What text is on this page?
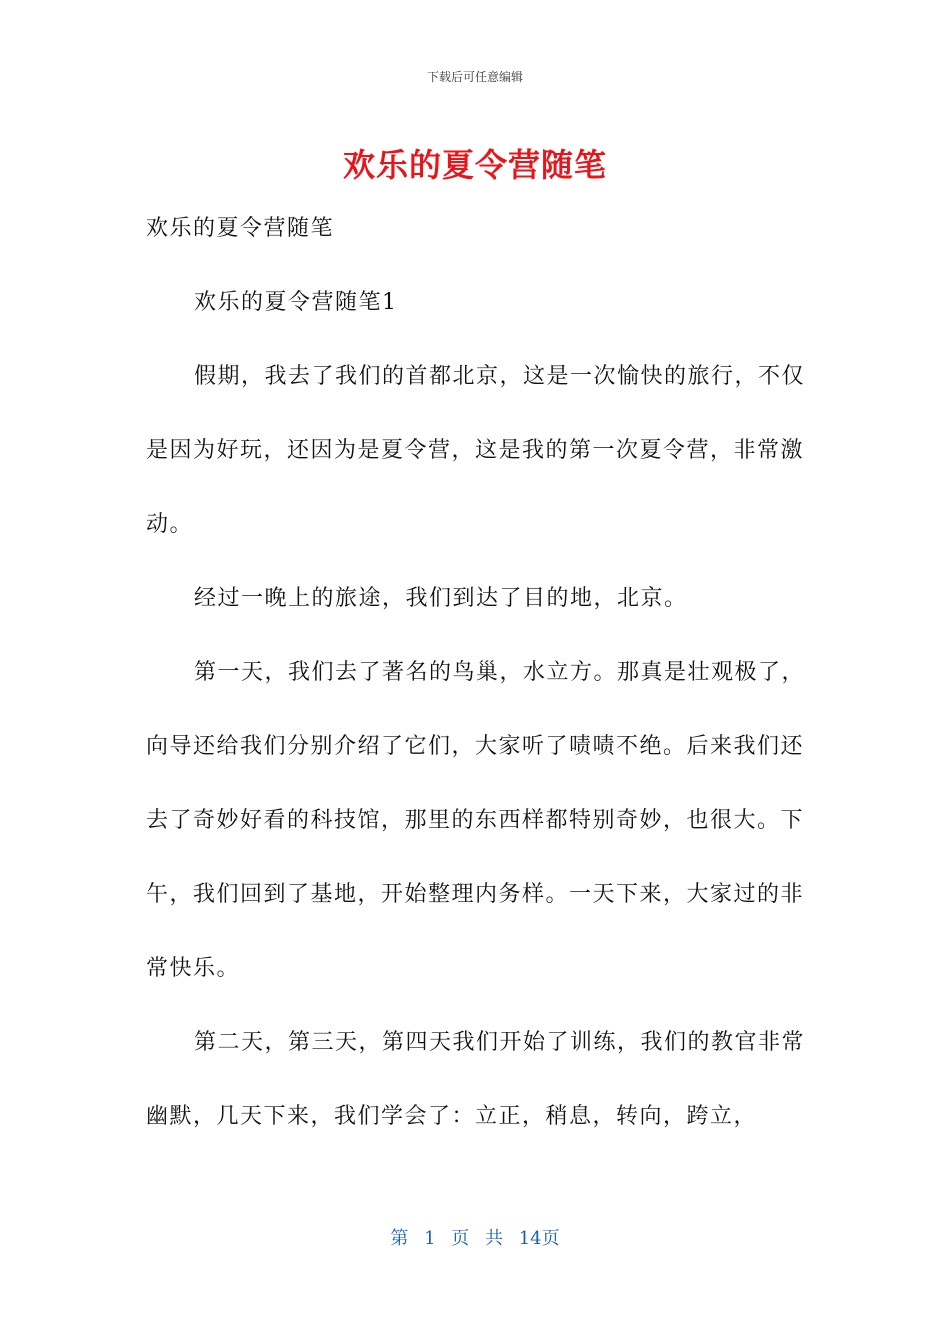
下载后可任意编辑
欢乐的夏令营随笔

欢乐的夏令营随笔

欢乐的夏令营随笔1

假期，我去了我们的首都北京，这是一次愉快的旅行，不仅是因为好玩，还因为是夏令营，这是我的第一次夏令营，非常激动。

经过一晚上的旅途，我们到达了目的地，北京。

第一天，我们去了著名的鸟巢，水立方。那真是壮观极了，向导还给我们分别介绍了它们，大家听了啧啧不绝。后来我们还去了奇妙好看的科技馆，那里的东西样都特别奇妙，也很大。下午，我们回到了基地，开始整理内务样。一天下来，大家过的非常快乐。

第二天，第三天，第四天我们开始了训练，我们的教官非常幽默，几天下来，我们学会了：立正，稍息，转向，跨立，

第 1 页 共 14页
